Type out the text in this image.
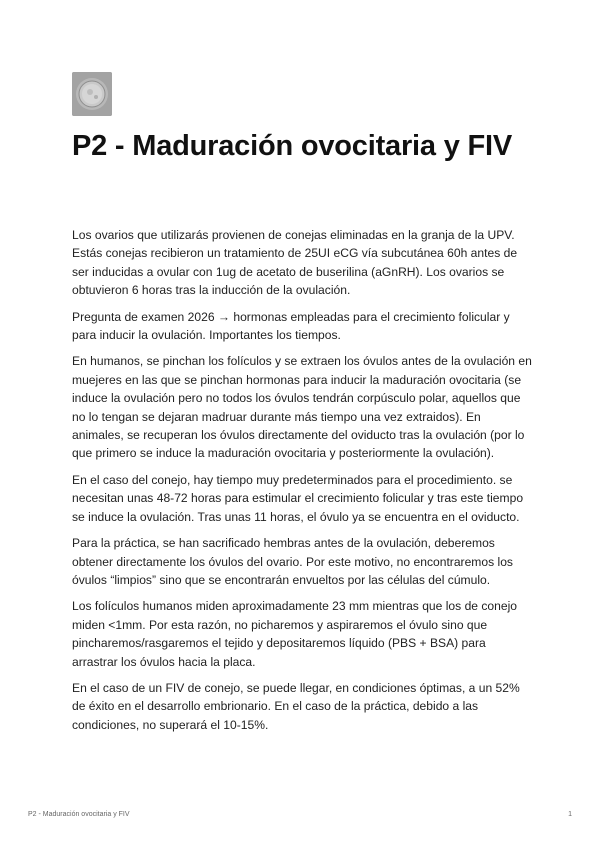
P2 - Maduración ovocitaria y FIV

Los ovarios que utilizarás provienen de conejas eliminadas en la granja de la UPV. Estás conejas recibieron un tratamiento de 25UI eCG vía subcutánea 60h antes de ser inducidas a ovular con 1ug de acetato de buserilina (aGnRH). Los ovarios se obtuvieron 6 horas tras la inducción de la ovulación.

Pregunta de examen 2026 → hormonas empleadas para el crecimiento folicular y para inducir la ovulación. Importantes los tiempos.

En humanos, se pinchan los folículos y se extraen los óvulos antes de la ovulación en muejeres en las que se pinchan hormonas para inducir la maduración ovocitaria (se induce la ovulación pero no todos los óvulos tendrán corpúsculo polar, aquellos que no lo tengan se dejaran madruar durante más tiempo una vez extraidos). En animales, se recuperan los óvulos directamente del oviducto tras la ovulación (por lo que primero se induce la maduración ovocitaria y posteriormente la ovulación).

En el caso del conejo, hay tiempo muy predeterminados para el procedimiento. se necesitan unas 48-72 horas para estimular el crecimiento folicular y tras este tiempo se induce la ovulación. Tras unas 11 horas, el óvulo ya se encuentra en el oviducto.

Para la práctica, se han sacrificado hembras antes de la ovulación, deberemos obtener directamente los óvulos del ovario. Por este motivo, no encontraremos los óvulos “limpios” sino que se encontrarán envueltos por las células del cúmulo.

Los folículos humanos miden aproximadamente 23 mm mientras que los de conejo miden <1mm. Por esta razón, no picharemos y aspiraremos el óvulo sino que pincharemos/rasgaremos el tejido y depositaremos líquido (PBS + BSA) para arrastrar los óvulos hacia la placa.

En el caso de un FIV de conejo, se puede llegar, en condiciones óptimas, a un 52% de éxito en el desarrollo embrionario. En el caso de la práctica, debido a las condiciones, no superará el 10-15%.

P2 - Maduración ovocitaria y FIV	1
